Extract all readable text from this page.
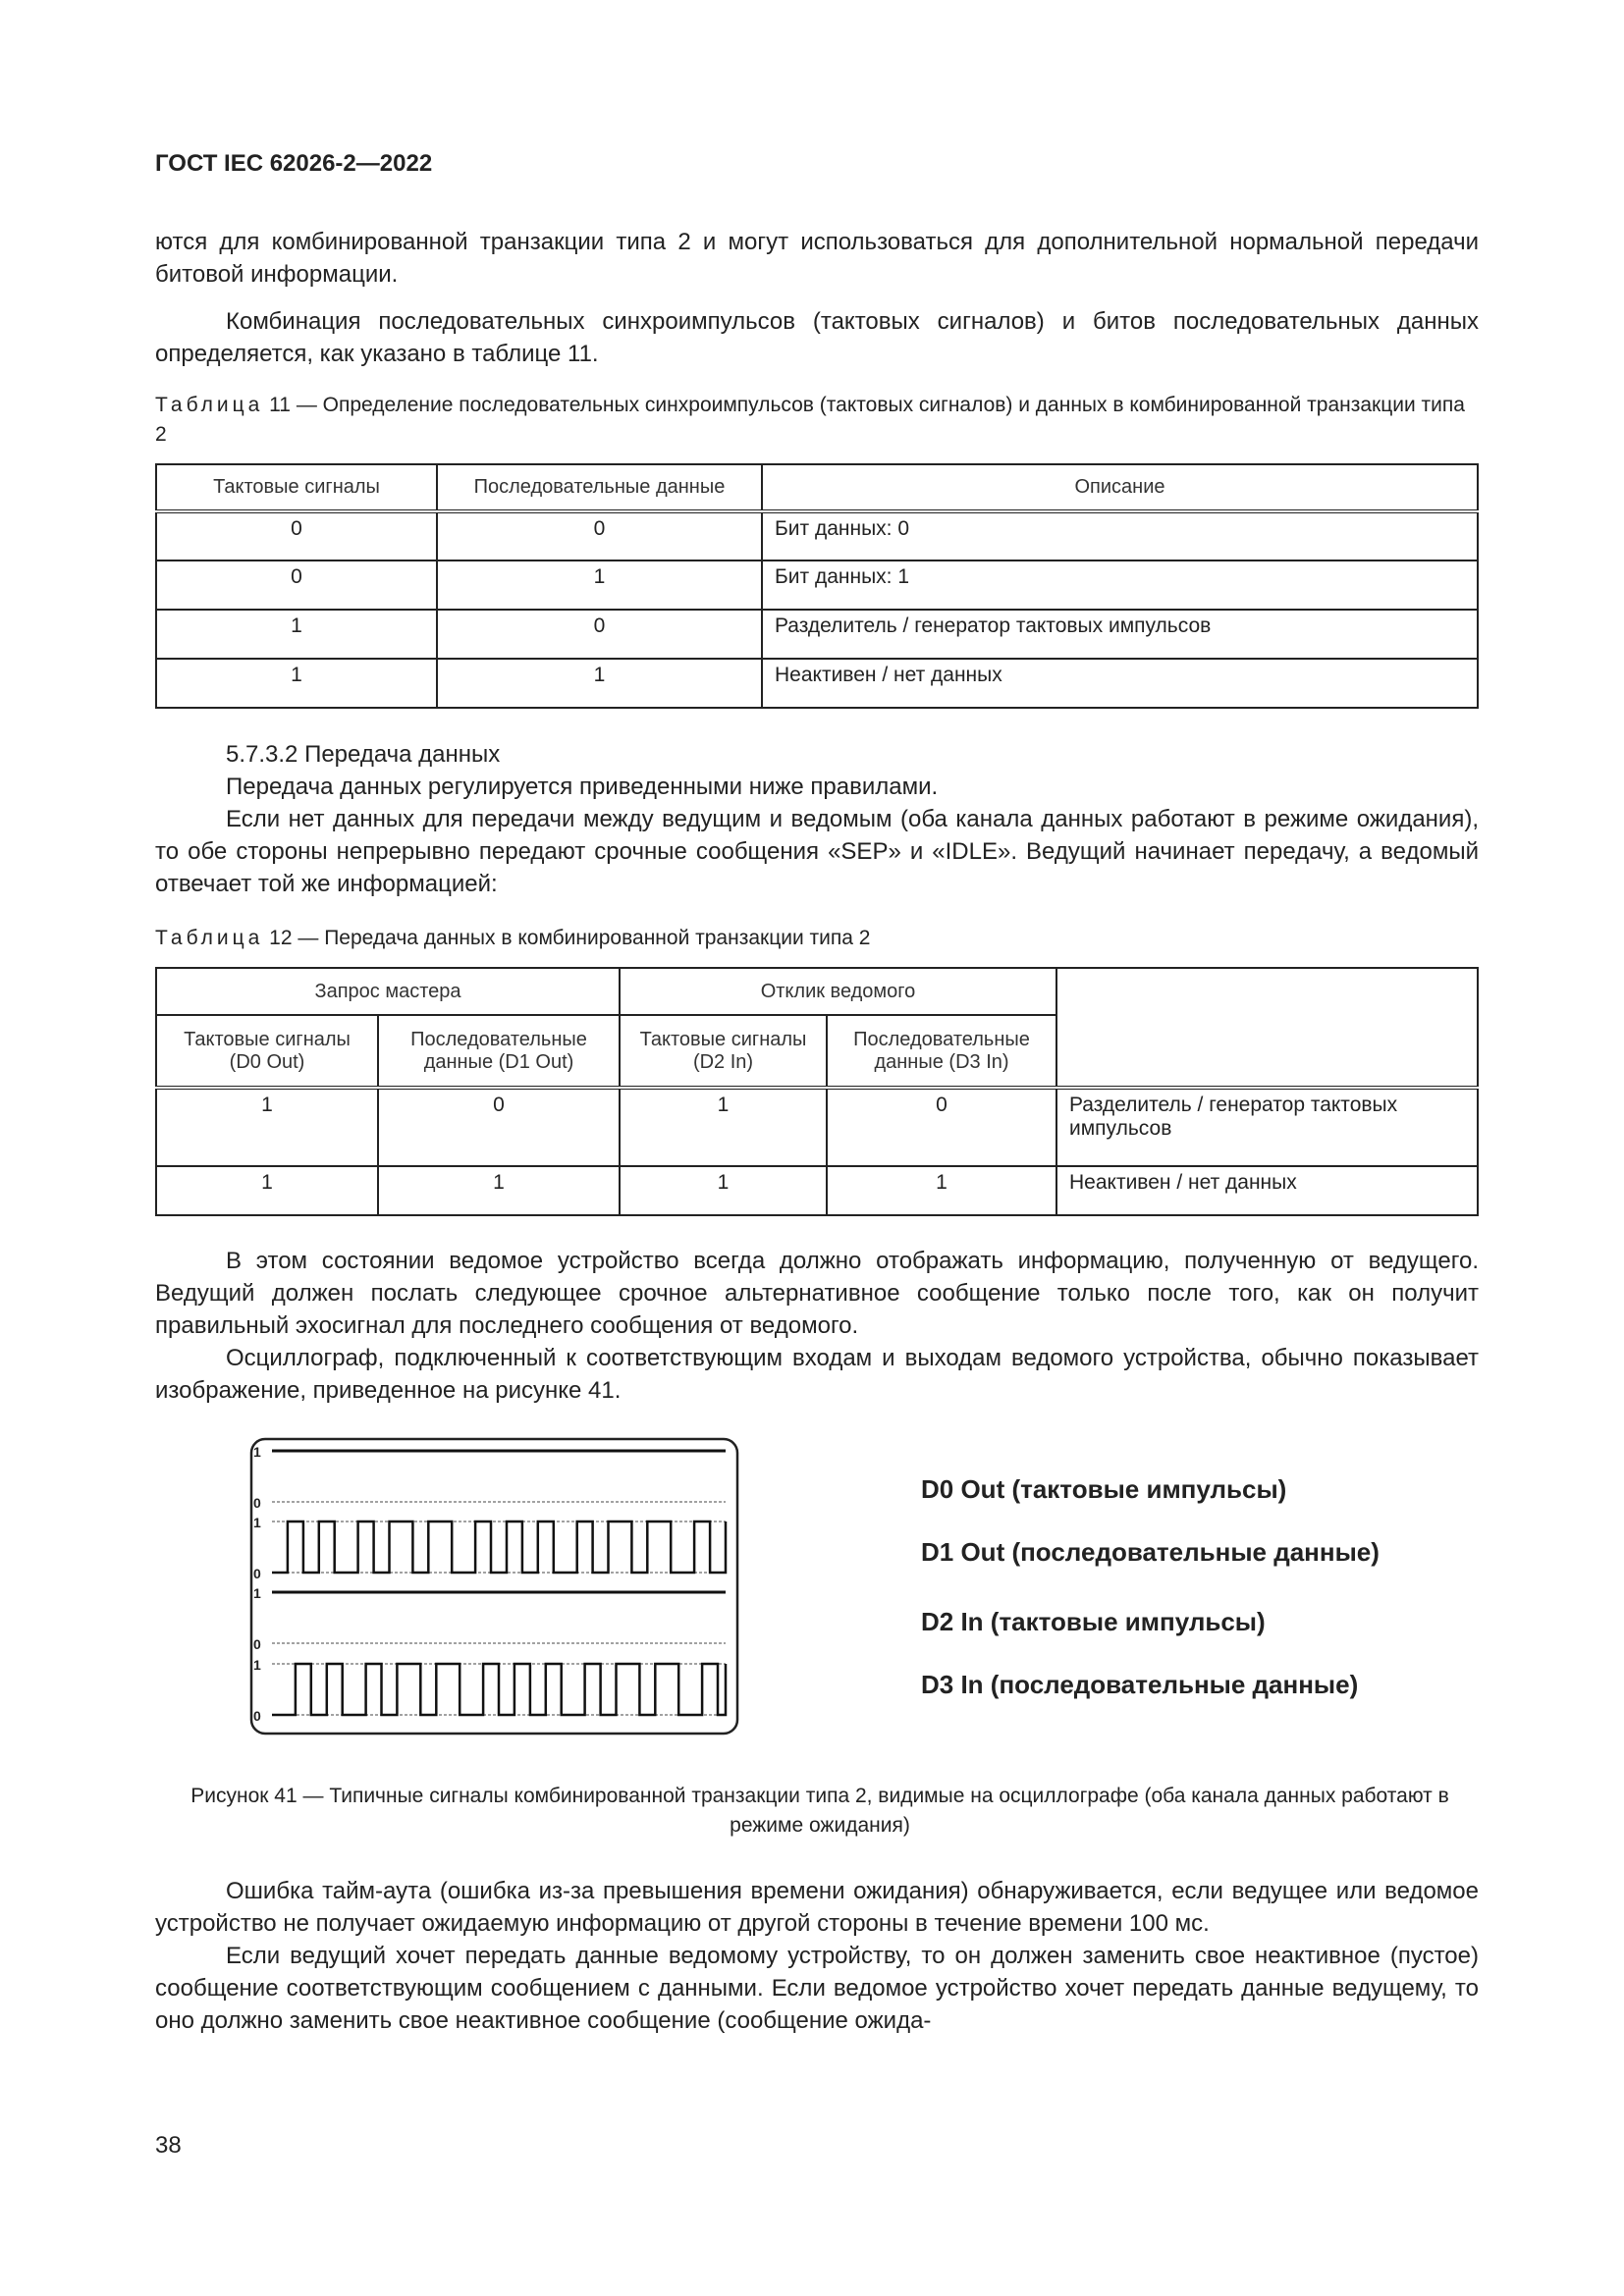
ГОСТ IEC 62026-2—2022

ются для комбинированной транзакции типа 2 и могут использоваться для дополнительной нормальной передачи битовой информации.

Комбинация последовательных синхроимпульсов (тактовых сигналов) и битов последовательных данных определяется, как указано в таблице 11.

Таблица 11 — Определение последовательных синхроимпульсов (тактовых сигналов) и данных в комбинированной транзакции типа 2
Тактовые сигналы	Последовательные данные	Описание
0	0	Бит данных: 0
0	1	Бит данных: 1
1	0	Разделитель / генератор тактовых импульсов
1	1	Неактивен / нет данных

5.7.3.2 Передача данных

Передача данных регулируется приведенными ниже правилами.

Если нет данных для передачи между ведущим и ведомым (оба канала данных работают в режиме ожидания), то обе стороны непрерывно передают срочные сообщения «SEP» и «IDLE». Ведущий начинает передачу, а ведомый отвечает той же информацией:

Таблица 12 — Передача данных в комбинированной транзакции типа 2
Запрос мастера		Отклик ведомого		
Тактовые сигналы (D0 Out)	Последовательные данные (D1 Out)	Тактовые сигналы (D2 In)	Последовательные данные (D3 In)	
1	0	1	0	Разделитель / генератор тактовых импульсов
1	1	1	1	Неактивен / нет данных

В этом состоянии ведомое устройство всегда должно отображать информацию, полученную от ведущего. Ведущий должен послать следующее срочное альтернативное сообщение только после того, как он получит правильный эхосигнал для последнего сообщения от ведомого.

Осциллограф, подключенный к соответствующим входам и выходам ведомого устройства, обычно показывает изображение, приведенное на рисунке 41.

1
0
1
0
1
0
1
0
D0 Out (тактовые импульсы)
D1 Out (последовательные данные)
D2 In (тактовые импульсы)
D3 In (последовательные данные)
Рисунок 41 — Типичные сигналы комбинированной транзакции типа 2, видимые на осциллографе (оба канала данных работают в режиме ожидания)

Ошибка тайм-аута (ошибка из-за превышения времени ожидания) обнаруживается, если ведущее или ведомое устройство не получает ожидаемую информацию от другой стороны в течение времени 100 мс.

Если ведущий хочет передать данные ведомому устройству, то он должен заменить свое неактивное (пустое) сообщение соответствующим сообщением с данными. Если ведомое устройство хочет передать данные ведущему, то оно должно заменить свое неактивное сообщение (сообщение ожида-

38
